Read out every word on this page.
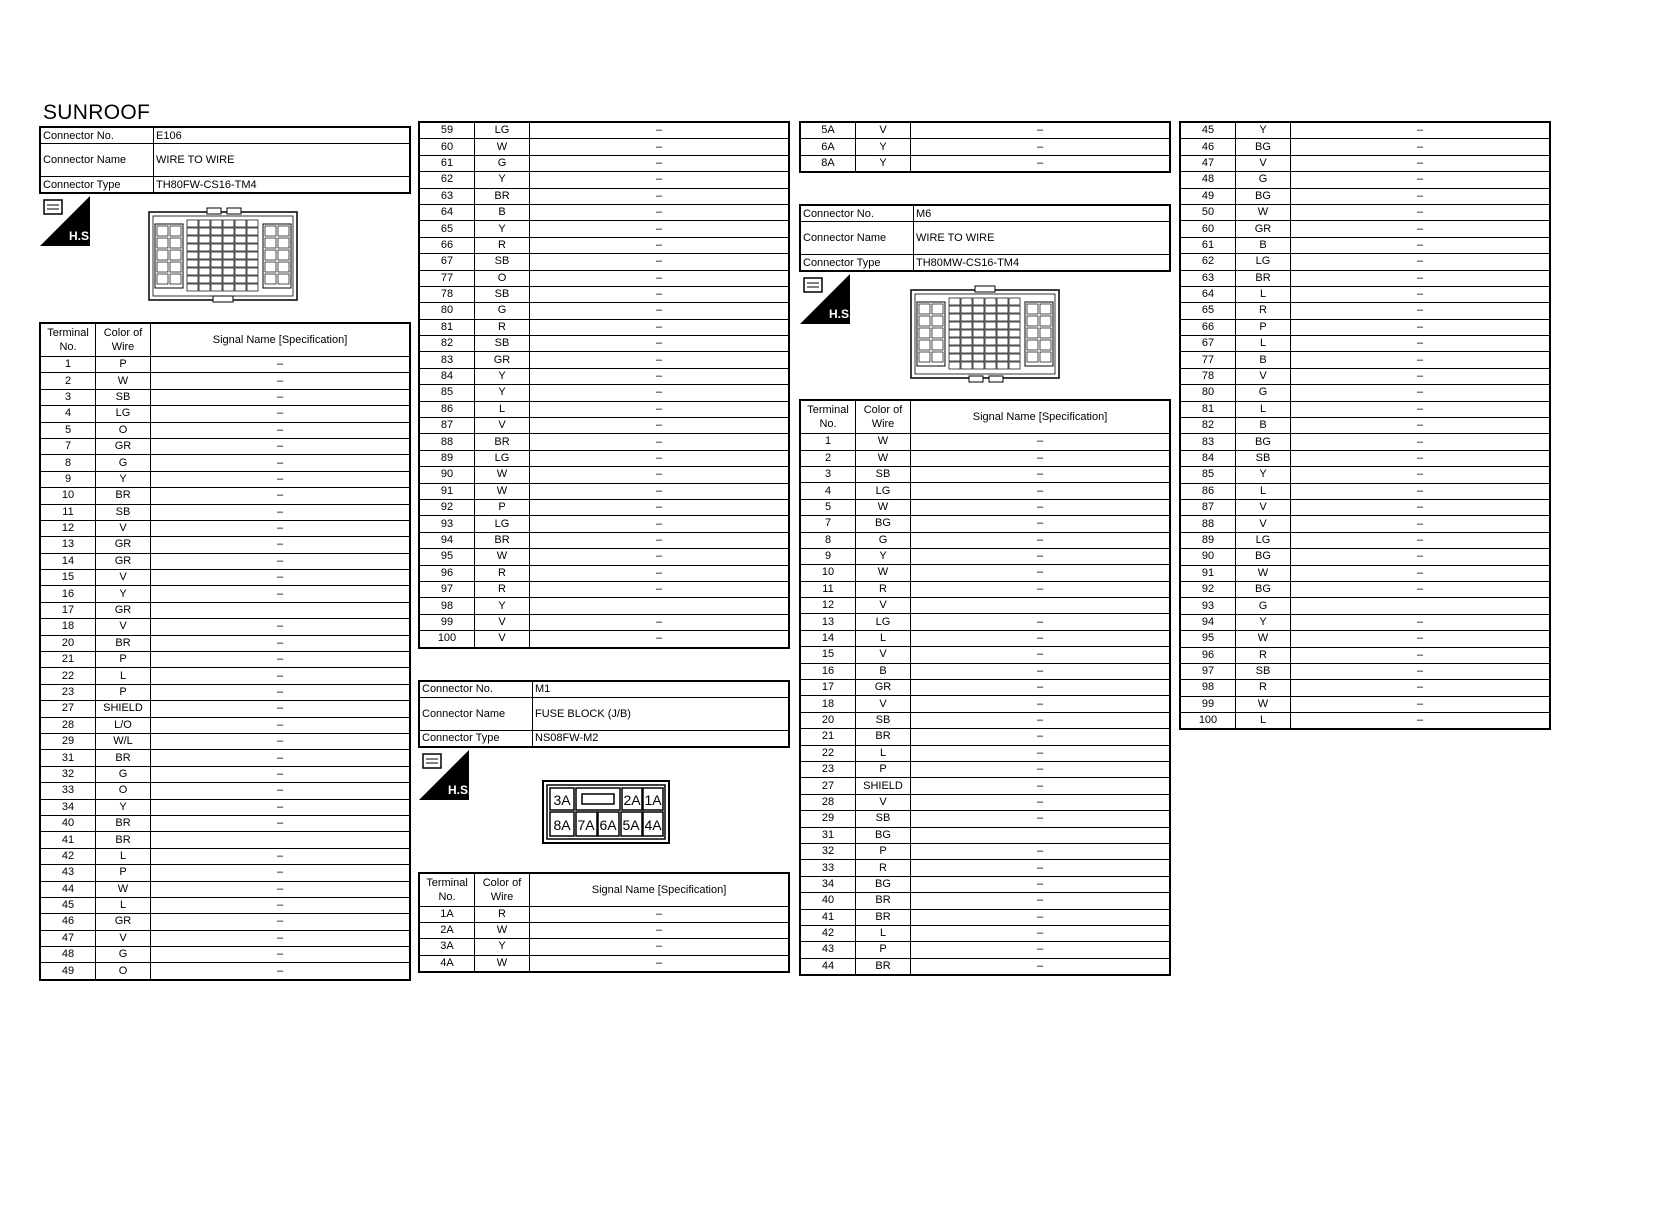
SUNROOF
Connector No.	E106
Connector Name	WIRE TO WIRE
Connector Type	TH80FW-CS16-TM4
H.S.
Terminal No.	Color of Wire	Signal Name [Specification]
1	P	–
2	W	–
3	SB	–
4	LG	–
5	O	–
7	GR	–
8	G	–
9	Y	–
10	BR	–
11	SB	–
12	V	–
13	GR	–
14	GR	–
15	V	–
16	Y	–
17	GR	
18	V	–
20	BR	–
21	P	–
22	L	–
23	P	–
27	SHIELD	–
28	L/O	–
29	W/L	–
31	BR	–
32	G	–
33	O	–
34	Y	–
40	BR	–
41	BR	
42	L	–
43	P	–
44	W	–
45	L	–
46	GR	–
47	V	–
48	G	–
49	O	–
59	LG	–
60	W	–
61	G	–
62	Y	–
63	BR	–
64	B	–
65	Y	–
66	R	–
67	SB	–
77	O	–
78	SB	–
80	G	–
81	R	–
82	SB	–
83	GR	–
84	Y	–
85	Y	–
86	L	–
87	V	–
88	BR	–
89	LG	–
90	W	–
91	W	–
92	P	–
93	LG	–
94	BR	–
95	W	–
96	R	–
97	R	–
98	Y	
99	V	–
100	V	–
Connector No.	M1
Connector Name	FUSE BLOCK (J/B)
Connector Type	NS08FW-M2
H.S.
3A	2A 1A
8A 7A 6A 5A 4A
Terminal No.	Color of Wire	Signal Name [Specification]
1A	R	–
2A	W	–
3A	Y	–
4A	W	–
5A	V	–
6A	Y	–
8A	Y	–
Connector No.	M6
Connector Name	WIRE TO WIRE
Connector Type	TH80MW-CS16-TM4
H.S.
Terminal No.	Color of Wire	Signal Name [Specification]
1	W	–
2	W	–
3	SB	–
4	LG	–
5	W	–
7	BG	–
8	G	–
9	Y	–
10	W	–
11	R	–
12	V	
13	LG	–
14	L	–
15	V	–
16	B	–
17	GR	–
18	V	–
20	SB	–
21	BR	–
22	L	–
23	P	–
27	SHIELD	–
28	V	–
29	SB	–
31	BG	
32	P	–
33	R	–
34	BG	–
40	BR	–
41	BR	–
42	L	–
43	P	–
44	BR	–
45	Y	–
46	BG	–
47	V	–
48	G	–
49	BG	–
50	W	–
60	GR	–
61	B	–
62	LG	–
63	BR	–
64	L	–
65	R	–
66	P	–
67	L	–
77	B	–
78	V	–
80	G	–
81	L	–
82	B	–
83	BG	–
84	SB	–
85	Y	–
86	L	–
87	V	–
88	V	–
89	LG	–
90	BG	–
91	W	–
92	BG	–
93	G	
94	Y	–
95	W	–
96	R	–
97	SB	–
98	R	–
99	W	–
100	L	–
